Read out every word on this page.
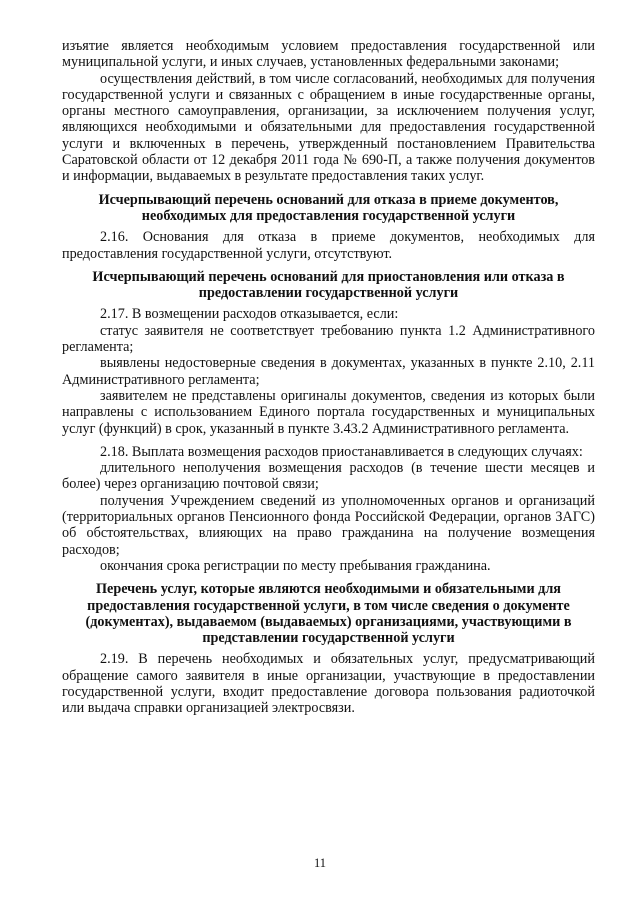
изъятие является необходимым условием предоставления государственной или муниципальной услуги, и иных случаев, установленных федеральными законами;

осуществления действий, в том числе согласований, необходимых для получения государственной услуги и связанных с обращением в иные государственные органы, органы местного самоуправления, организации, за исключением получения услуг, являющихся необходимыми и обязательными для предоставления государственной услуги и включенных в перечень, утвержденный постановлением Правительства Саратовской области от 12 декабря 2011 года № 690-П, а также получения документов и информации, выдаваемых в результате предоставления таких услуг.

Исчерпывающий перечень оснований для отказа в приеме документов, необходимых для предоставления государственной услуги

2.16. Основания для отказа в приеме документов, необходимых для предоставления государственной услуги, отсутствуют.

Исчерпывающий перечень оснований для приостановления или отказа в предоставлении государственной услуги

2.17. В возмещении расходов отказывается, если:

статус заявителя не соответствует требованию пункта 1.2 Административного регламента;

выявлены недостоверные сведения в документах, указанных в пункте 2.10, 2.11 Административного регламента;

заявителем не представлены оригиналы документов, сведения из которых были направлены с использованием Единого портала государственных и муниципальных услуг (функций) в срок, указанный в пункте 3.43.2 Административного регламента.

2.18. Выплата возмещения расходов приостанавливается в следующих случаях:

длительного неполучения возмещения расходов (в течение шести месяцев и более) через организацию почтовой связи;

получения Учреждением сведений из уполномоченных органов и организаций (территориальных органов Пенсионного фонда Российской Федерации, органов ЗАГС) об обстоятельствах, влияющих на право гражданина на получение возмещения расходов;

окончания срока регистрации по месту пребывания гражданина.

Перечень услуг, которые являются необходимыми и обязательными для предоставления государственной услуги, в том числе сведения о документе (документах), выдаваемом (выдаваемых) организациями, участвующими в представлении государственной услуги

2.19. В перечень необходимых и обязательных услуг, предусматривающий обращение самого заявителя в иные организации, участвующие в предоставлении государственной услуги, входит предоставление договора пользования радиоточкой или выдача справки организацией электросвязи.

11
